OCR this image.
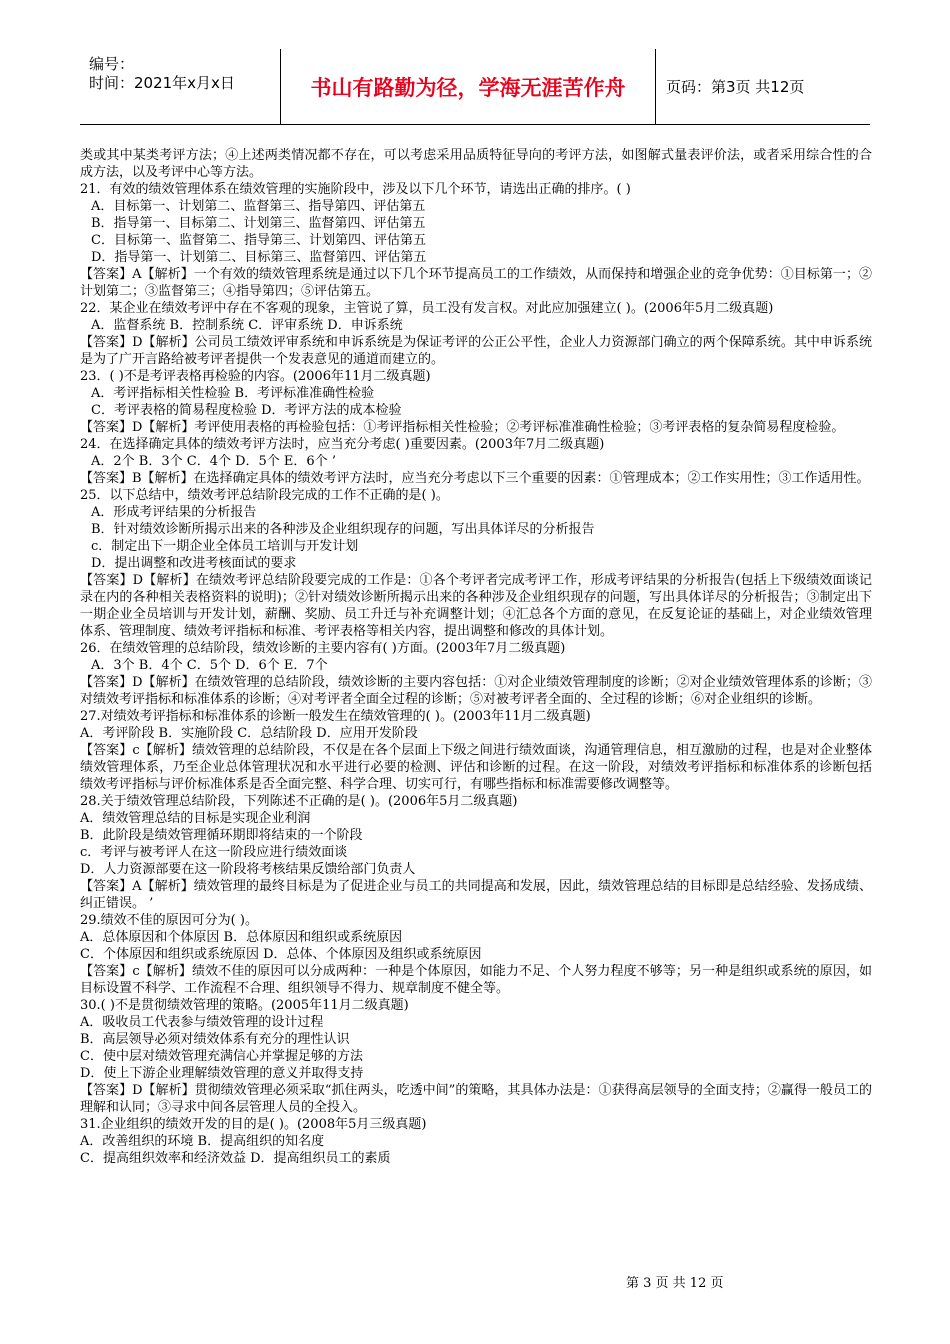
编号：
时间：2021年x月x日	书山有路勤为径，学海无涯苦作舟	页码：第3页 共12页

类或其中某类考评方法；④上述两类情况都不存在，可以考虑采用品质特征导向的考评方法，如图解式量表评价法，或者采用综合性的合成方法，以及考评中心等方法。

21．有效的绩效管理体系在绩效管理的实施阶段中，涉及以下几个环节，请选出正确的排序。( )

A．目标第一、计划第二、监督第三、指导第四、评估第五

B．指导第一、目标第二、计划第三、监督第四、评估第五

C．目标第一、监督第二、指导第三、计划第四、评估第五

D．指导第一、计划第二、目标第三、监督第四、评估第五

【答案】A【解析】一个有效的绩效管理系统是通过以下几个环节提高员工的工作绩效，从而保持和增强企业的竞争优势：①目标第一；②计划第二；③监督第三；④指导第四；⑤评估第五。

22．某企业在绩效考评中存在不客观的现象，主管说了算，员工没有发言权。对此应加强建立( )。(2006年5月二级真题)

A．监督系统 B．控制系统 C．评审系统 D．申诉系统

【答案】D【解析】公司员工绩效评审系统和申诉系统是为保证考评的公正公平性，企业人力资源部门确立的两个保障系统。其中申诉系统是为了广开言路给被考评者提供一个发表意见的通道而建立的。

23．( )不是考评表格再检验的内容。(2006年11月二级真题)

A．考评指标相关性检验 B．考评标准准确性检验

C．考评表格的简易程度检验 D．考评方法的成本检验

【答案】D【解析】考评使用表格的再检验包括：①考评指标相关性检验；②考评标准准确性检验；③考评表格的复杂简易程度检验。

24．在选择确定具体的绩效考评方法时，应当充分考虑( )重要因素。(2003年7月二级真题)

A．2个 B．3个 C．4个 D．5个 E．6个 ’

【答案】B【解析】在选择确定具体的绩效考评方法时，应当充分考虑以下三个重要的因素：①管理成本；②工作实用性；③工作适用性。

25．以下总结中，绩效考评总结阶段完成的工作不正确的是( )。

A．形成考评结果的分析报告

B．针对绩效诊断所揭示出来的各种涉及企业组织现存的问题，写出具体详尽的分析报告

c．制定出下一期企业全体员工培训与开发计划

D．提出调整和改进考核面试的要求

【答案】D【解析】在绩效考评总结阶段要完成的工作是：①各个考评者完成考评工作，形成考评结果的分析报告(包括上下级绩效面谈记录在内的各种相关表格资料的说明)；②针对绩效诊断所揭示出来的各种涉及企业组织现存的问题，写出具体详尽的分析报告；③制定出下一期企业全员培训与开发计划，薪酬、奖励、员工升迁与补充调整计划；④汇总各个方面的意见，在反复论证的基础上，对企业绩效管理体系、管理制度、绩效考评指标和标准、考评表格等相关内容，提出调整和修改的具体计划。

26．在绩效管理的总结阶段，绩效诊断的主要内容有( )方面。(2003年7月二级真题)

A．3个 B．4个 C．5个 D．6个 E．7个

【答案】D【解析】在绩效管理的总结阶段，绩效诊断的主要内容包括：①对企业绩效管理制度的诊断；②对企业绩效管理体系的诊断；③对绩效考评指标和标准体系的诊断；④对考评者全面全过程的诊断；⑤对被考评者全面的、全过程的诊断；⑥对企业组织的诊断。

27.对绩效考评指标和标准体系的诊断一般发生在绩效管理的( )。(2003年11月二级真题)

A．考评阶段 B．实施阶段 C．总结阶段 D．应用开发阶段

【答案】c【解析】绩效管理的总结阶段，不仅是在各个层面上下级之间进行绩效面谈，沟通管理信息，相互激励的过程，也是对企业整体绩效管理体系，乃至企业总体管理状况和水平进行必要的检测、评估和诊断的过程。在这一阶段，对绩效考评指标和标准体系的诊断包括绩效考评指标与评价标准体系是否全面完整、科学合理、切实可行，有哪些指标和标准需要修改调整等。

28.关于绩效管理总结阶段，下列陈述不正确的是( )。(2006年5月二级真题)

A．绩效管理总结的目标是实现企业利润

B．此阶段是绩效管理循环期即将结束的一个阶段

c．考评与被考评人在这一阶段应进行绩效面谈

D．人力资源部要在这一阶段将考核结果反馈给部门负责人

【答案】A【解析】绩效管理的最终目标是为了促进企业与员工的共同提高和发展，因此，绩效管理总结的目标即是总结经验、发扬成绩、纠正错误。 ’

29.绩效不佳的原因可分为( )。

A．总体原因和个体原因 B．总体原因和组织或系统原因

C．个体原因和组织或系统原因 D．总体、个体原因及组织或系统原因

【答案】c【解析】绩效不佳的原因可以分成两种：一种是个体原因，如能力不足、个人努力程度不够等；另一种是组织或系统的原因，如目标设置不科学、工作流程不合理、组织领导不得力、规章制度不健全等。

30.( )不是贯彻绩效管理的策略。(2005年11月二级真题)

A．吸收员工代表参与绩效管理的设计过程

B．高层领导必须对绩效体系有充分的理性认识

C．使中层对绩效管理充满信心并掌握足够的方法

D．使上下游企业理解绩效管理的意义并取得支持

【答案】D【解析】贯彻绩效管理必须采取“抓住两头，吃透中间”的策略，其具体办法是：①获得高层领导的全面支持；②赢得一般员工的理解和认同；③寻求中间各层管理人员的全投入。

31.企业组织的绩效开发的目的是( )。(2008年5月三级真题)

A．改善组织的环境 B．提高组织的知名度

C．提高组织效率和经济效益 D．提高组织员工的素质

第 3 页 共 12 页
